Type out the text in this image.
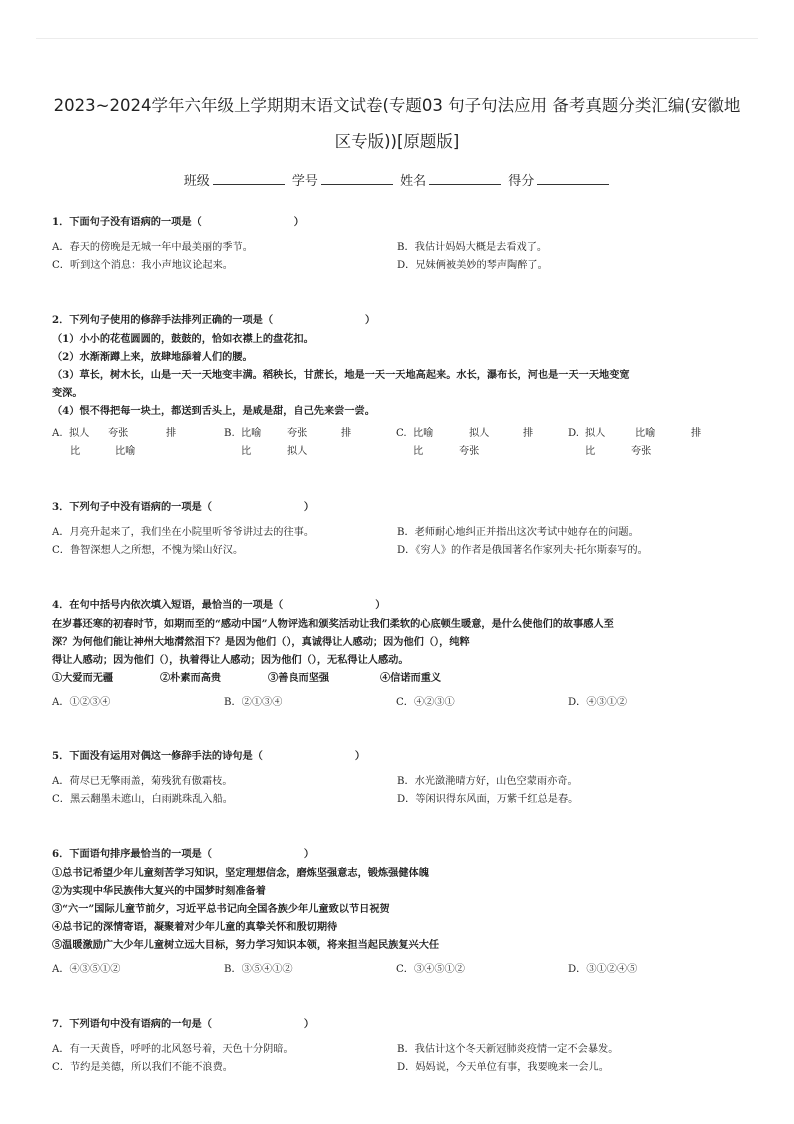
2023~2024学年六年级上学期期末语文试卷(专题03 句子句法应用 备考真题分类汇编(安徽地
区专版))[原题版]
班级	学号	姓名	得分
1．下面句子没有语病的一项是（	）
A．春天的傍晚是无城一年中最美丽的季节。	B．我估计妈妈大概是去看戏了。
C．听到这个消息：我小声地议论起来。	D．兄妹俩被美妙的琴声陶醉了。
2．下列句子使用的修辞手法排列正确的一项是（	）
（1）小小的花苞圆圆的，鼓鼓的，恰如衣襟上的盘花扣。
（2）水渐渐蹲上来，放肆地舔着人们的腰。
（3）草长，树木长，山是一天一天地变丰满。稻秧长，甘蔗长，地是一天一天地高起来。水长，瀑布长，河也是一天一天地变宽
变深。
（4）恨不得把每一块土，都送到舌头上，是咸是甜，自己先来尝一尝。
A. 拟人	夸张	排
比	比喻
B. 比喻	夸张	排
比	拟人
C. 比喻	拟人	排
比	夸张
D. 拟人	比喻	排
比	夸张
3．下列句子中没有语病的一项是（	）
A．月亮升起来了，我们坐在小院里听爷爷讲过去的往事。	B．老师耐心地纠正并指出这次考试中她存在的问题。
C．鲁智深想人之所想，不愧为梁山好汉。	D．《穷人》的作者是俄国著名作家列夫·托尔斯泰写的。
4．在句中括号内依次填入短语，最恰当的一项是（	）
在岁暮还寒的初春时节，如期而至的“感动中国”人物评选和颁奖活动让我们柔软的心底顿生暖意，是什么使他们的故事感人至
深？为何他们能让神州大地潸然泪下？是因为他们（），真诚得让人感动；因为他们（），纯粹
得让人感动；因为他们（），执着得让人感动；因为他们（），无私得让人感动。
①大爱而无疆	②朴素而高贵	③善良而坚强	④信诺而重义
A．①②③④	B．②①③④	C．④②③①	D．④③①②
5．下面没有运用对偶这一修辞手法的诗句是（	）
A．荷尽已无擎雨盖，菊残犹有傲霜枝。	B．水光潋滟晴方好，山色空蒙雨亦奇。
C．黑云翻墨未遮山，白雨跳珠乱入船。	D．等闲识得东风面，万紫千红总是春。
6．下面语句排序最恰当的一项是（	）
①总书记希望少年儿童刻苦学习知识，坚定理想信念，磨炼坚强意志，锻炼强健体魄
②为实现中华民族伟大复兴的中国梦时刻准备着
③“六一”国际儿童节前夕，习近平总书记向全国各族少年儿童致以节日祝贺
④总书记的深情寄语，凝聚着对少年儿童的真挚关怀和殷切期待
⑤温暖激励广大少年儿童树立远大目标，努力学习知识本领，将来担当起民族复兴大任
A．④③⑤①②	B．③⑤④①②	C．③④⑤①②	D．③①②④⑤
7．下列语句中没有语病的一句是（	）
A．有一天黄昏，呼呼的北风怒号着，天色十分阴暗。	B．我估计这个冬天新冠肺炎疫情一定不会暴发。
C．节约是美德，所以我们不能不浪费。	D．妈妈说，今天单位有事，我要晚来一会儿。
